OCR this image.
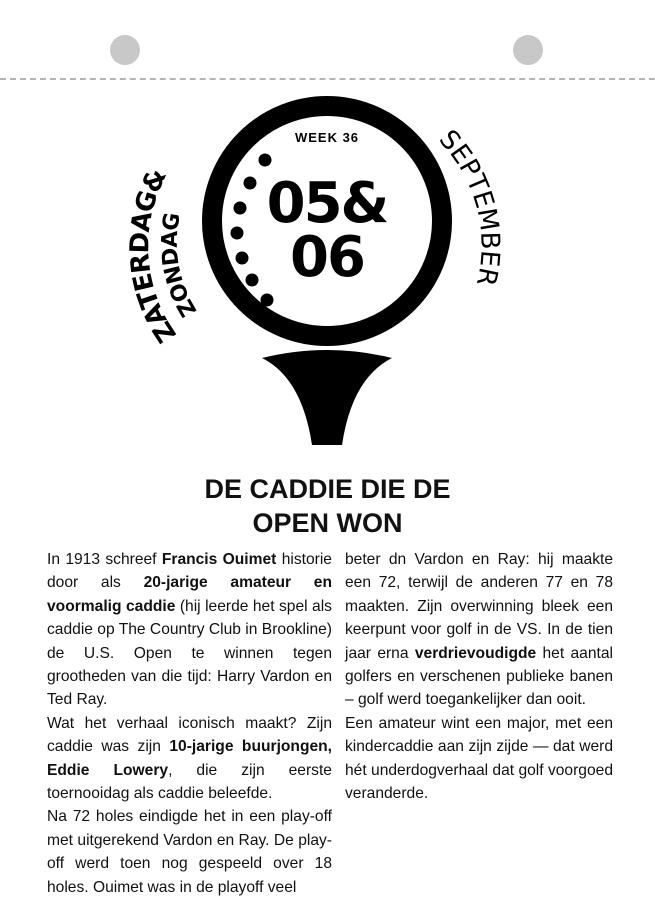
WEEK 36
05&
06
ZATERDAG&
ZONDAG
SEPTEMBER
DE CADDIE DIE DE
OPEN WON

In 1913 schreef Francis Ouimet historie door als 20-jarige amateur en voormalig caddie (hij leerde het spel als caddie op The Country Club in Brookline) de U.S. Open te winnen tegen grootheden van die tijd: Harry Vardon en Ted Ray.

Wat het verhaal iconisch maakt? Zijn caddie was zijn 10-jarige buurjongen, Eddie Lowery, die zijn eerste toernooidag als caddie beleefde.

Na 72 holes eindigde het in een play-off met uitgerekend Vardon en Ray. De play-off werd toen nog gespeeld over 18 holes. Ouimet was in de playoff veel

beter dn Vardon en Ray: hij maakte een 72, terwijl de anderen 77 en 78 maakten. Zijn overwinning bleek een keerpunt voor golf in de VS. In de tien jaar erna verdrievoudigde het aantal golfers en verschenen publieke banen – golf werd toegankelijker dan ooit.

Een amateur wint een major, met een kindercaddie aan zijn zijde — dat werd hét underdogverhaal dat golf voorgoed veranderde.
